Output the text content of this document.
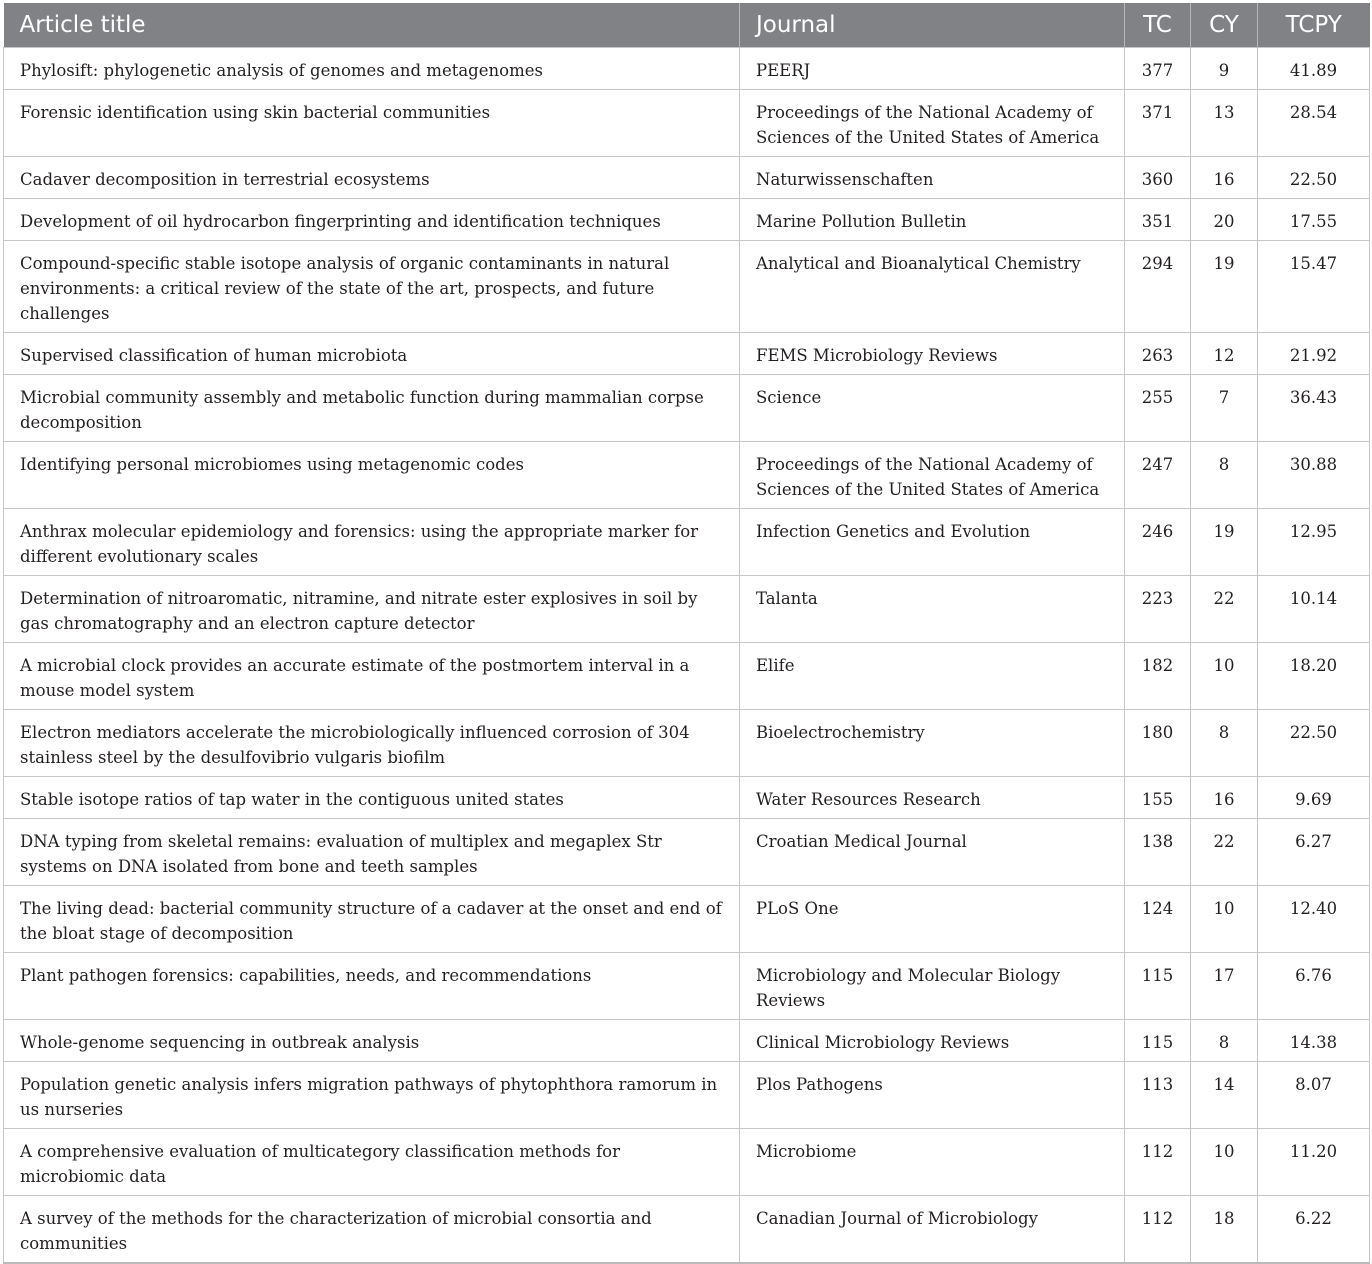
Article title	Journal	TC	CY	TCPY
Phylosift: phylogenetic analysis of genomes and metagenomes	PEERJ	377	9	41.89
Forensic identification using skin bacterial communities	Proceedings of the National Academy of Sciences of the United States of America	371	13	28.54
Cadaver decomposition in terrestrial ecosystems	Naturwissenschaften	360	16	22.50
Development of oil hydrocarbon fingerprinting and identification techniques	Marine Pollution Bulletin	351	20	17.55
Compound-specific stable isotope analysis of organic contaminants in natural environments: a critical review of the state of the art, prospects, and future challenges	Analytical and Bioanalytical Chemistry	294	19	15.47
Supervised classification of human microbiota	FEMS Microbiology Reviews	263	12	21.92
Microbial community assembly and metabolic function during mammalian corpse decomposition	Science	255	7	36.43
Identifying personal microbiomes using metagenomic codes	Proceedings of the National Academy of Sciences of the United States of America	247	8	30.88
Anthrax molecular epidemiology and forensics: using the appropriate marker for different evolutionary scales	Infection Genetics and Evolution	246	19	12.95
Determination of nitroaromatic, nitramine, and nitrate ester explosives in soil by gas chromatography and an electron capture detector	Talanta	223	22	10.14
A microbial clock provides an accurate estimate of the postmortem interval in a mouse model system	Elife	182	10	18.20
Electron mediators accelerate the microbiologically influenced corrosion of 304 stainless steel by the desulfovibrio vulgaris biofilm	Bioelectrochemistry	180	8	22.50
Stable isotope ratios of tap water in the contiguous united states	Water Resources Research	155	16	9.69
DNA typing from skeletal remains: evaluation of multiplex and megaplex Str systems on DNA isolated from bone and teeth samples	Croatian Medical Journal	138	22	6.27
The living dead: bacterial community structure of a cadaver at the onset and end of the bloat stage of decomposition	PLoS One	124	10	12.40
Plant pathogen forensics: capabilities, needs, and recommendations	Microbiology and Molecular Biology Reviews	115	17	6.76
Whole-genome sequencing in outbreak analysis	Clinical Microbiology Reviews	115	8	14.38
Population genetic analysis infers migration pathways of phytophthora ramorum in us nurseries	Plos Pathogens	113	14	8.07
A comprehensive evaluation of multicategory classification methods for microbiomic data	Microbiome	112	10	11.20
A survey of the methods for the characterization of microbial consortia and communities	Canadian Journal of Microbiology	112	18	6.22
